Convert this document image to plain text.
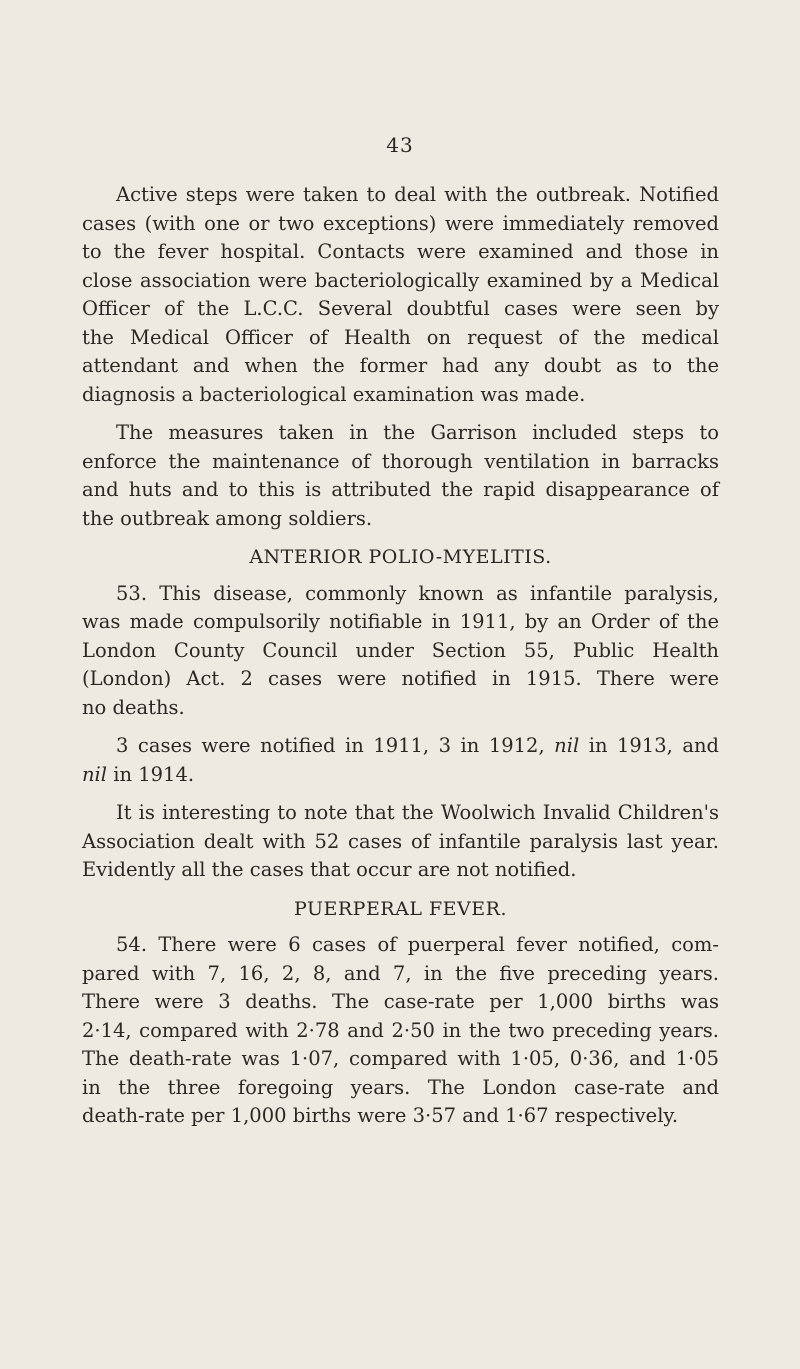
43
Active steps were taken to deal with the outbreak. Notified
cases (with one or two exceptions) were immediately removed
to the fever hospital. Contacts were examined and those in
close association were bacteriologically examined by a Medical
Officer of the L.C.C. Several doubtful cases were seen by
the Medical Officer of Health on request of the medical
attendant and when the former had any doubt as to the
diagnosis a bacteriological examination was made.
The measures taken in the Garrison included steps to
enforce the maintenance of thorough ventilation in barracks
and huts and to this is attributed the rapid disappearance of
the outbreak among soldiers.
ANTERIOR POLIO-MYELITIS.
53. This disease, commonly known as infantile paralysis,
was made compulsorily notifiable in 1911, by an Order of the
London County Council under Section 55, Public Health
(London) Act. 2 cases were notified in 1915. There were
no deaths.
3 cases were notified in 1911, 3 in 1912, nil in 1913, and
nil in 1914.
It is interesting to note that the Woolwich Invalid Children's
Association dealt with 52 cases of infantile paralysis last year.
Evidently all the cases that occur are not notified.
PUERPERAL FEVER.
54. There were 6 cases of puerperal fever notified, com-
pared with 7, 16, 2, 8, and 7, in the five preceding years.
There were 3 deaths. The case-rate per 1,000 births was
2·14, compared with 2·78 and 2·50 in the two preceding years.
The death-rate was 1·07, compared with 1·05, 0·36, and 1·05
in the three foregoing years. The London case-rate and
death-rate per 1,000 births were 3·57 and 1·67 respectively.
